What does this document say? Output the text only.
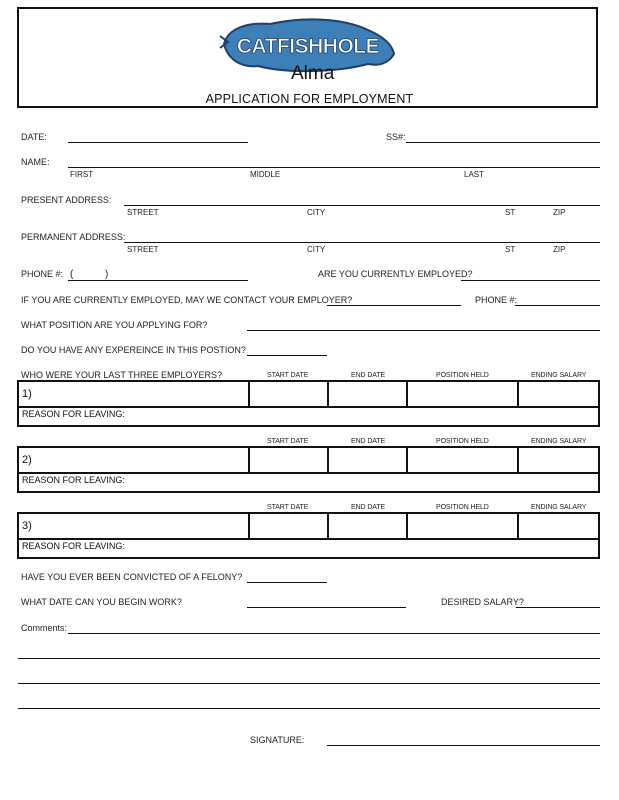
CATFISHHOLE
Alma
APPLICATION FOR EMPLOYMENT
DATE:	SS#:
NAME:
FIRST	MIDDLE	LAST
PRESENT ADDRESS:
STREET	CITY	ST	ZIP
PERMANENT ADDRESS:
STREET	CITY	ST	ZIP
PHONE #: (	)	ARE YOU CURRENTLY EMPLOYED?
IF YOU ARE CURRENTLY EMPLOYED, MAY WE CONTACT YOUR EMPLOYER?	PHONE #:
WHAT POSITION ARE YOU APPLYING FOR?
DO YOU HAVE ANY EXPEREINCE IN THIS POSTION?
WHO WERE YOUR LAST THREE EMPLOYERS?	START DATE	END DATE	POSITION HELD	ENDING SALARY
1)
REASON FOR LEAVING:
START DATE	END DATE	POSITION HELD	ENDING SALARY
2)
REASON FOR LEAVING:
START DATE	END DATE	POSITION HELD	ENDING SALARY
3)
REASON FOR LEAVING:
HAVE YOU EVER BEEN CONVICTED OF A FELONY?
WHAT DATE CAN YOU BEGIN WORK?	DESIRED SALARY?
Comments:
SIGNATURE:
